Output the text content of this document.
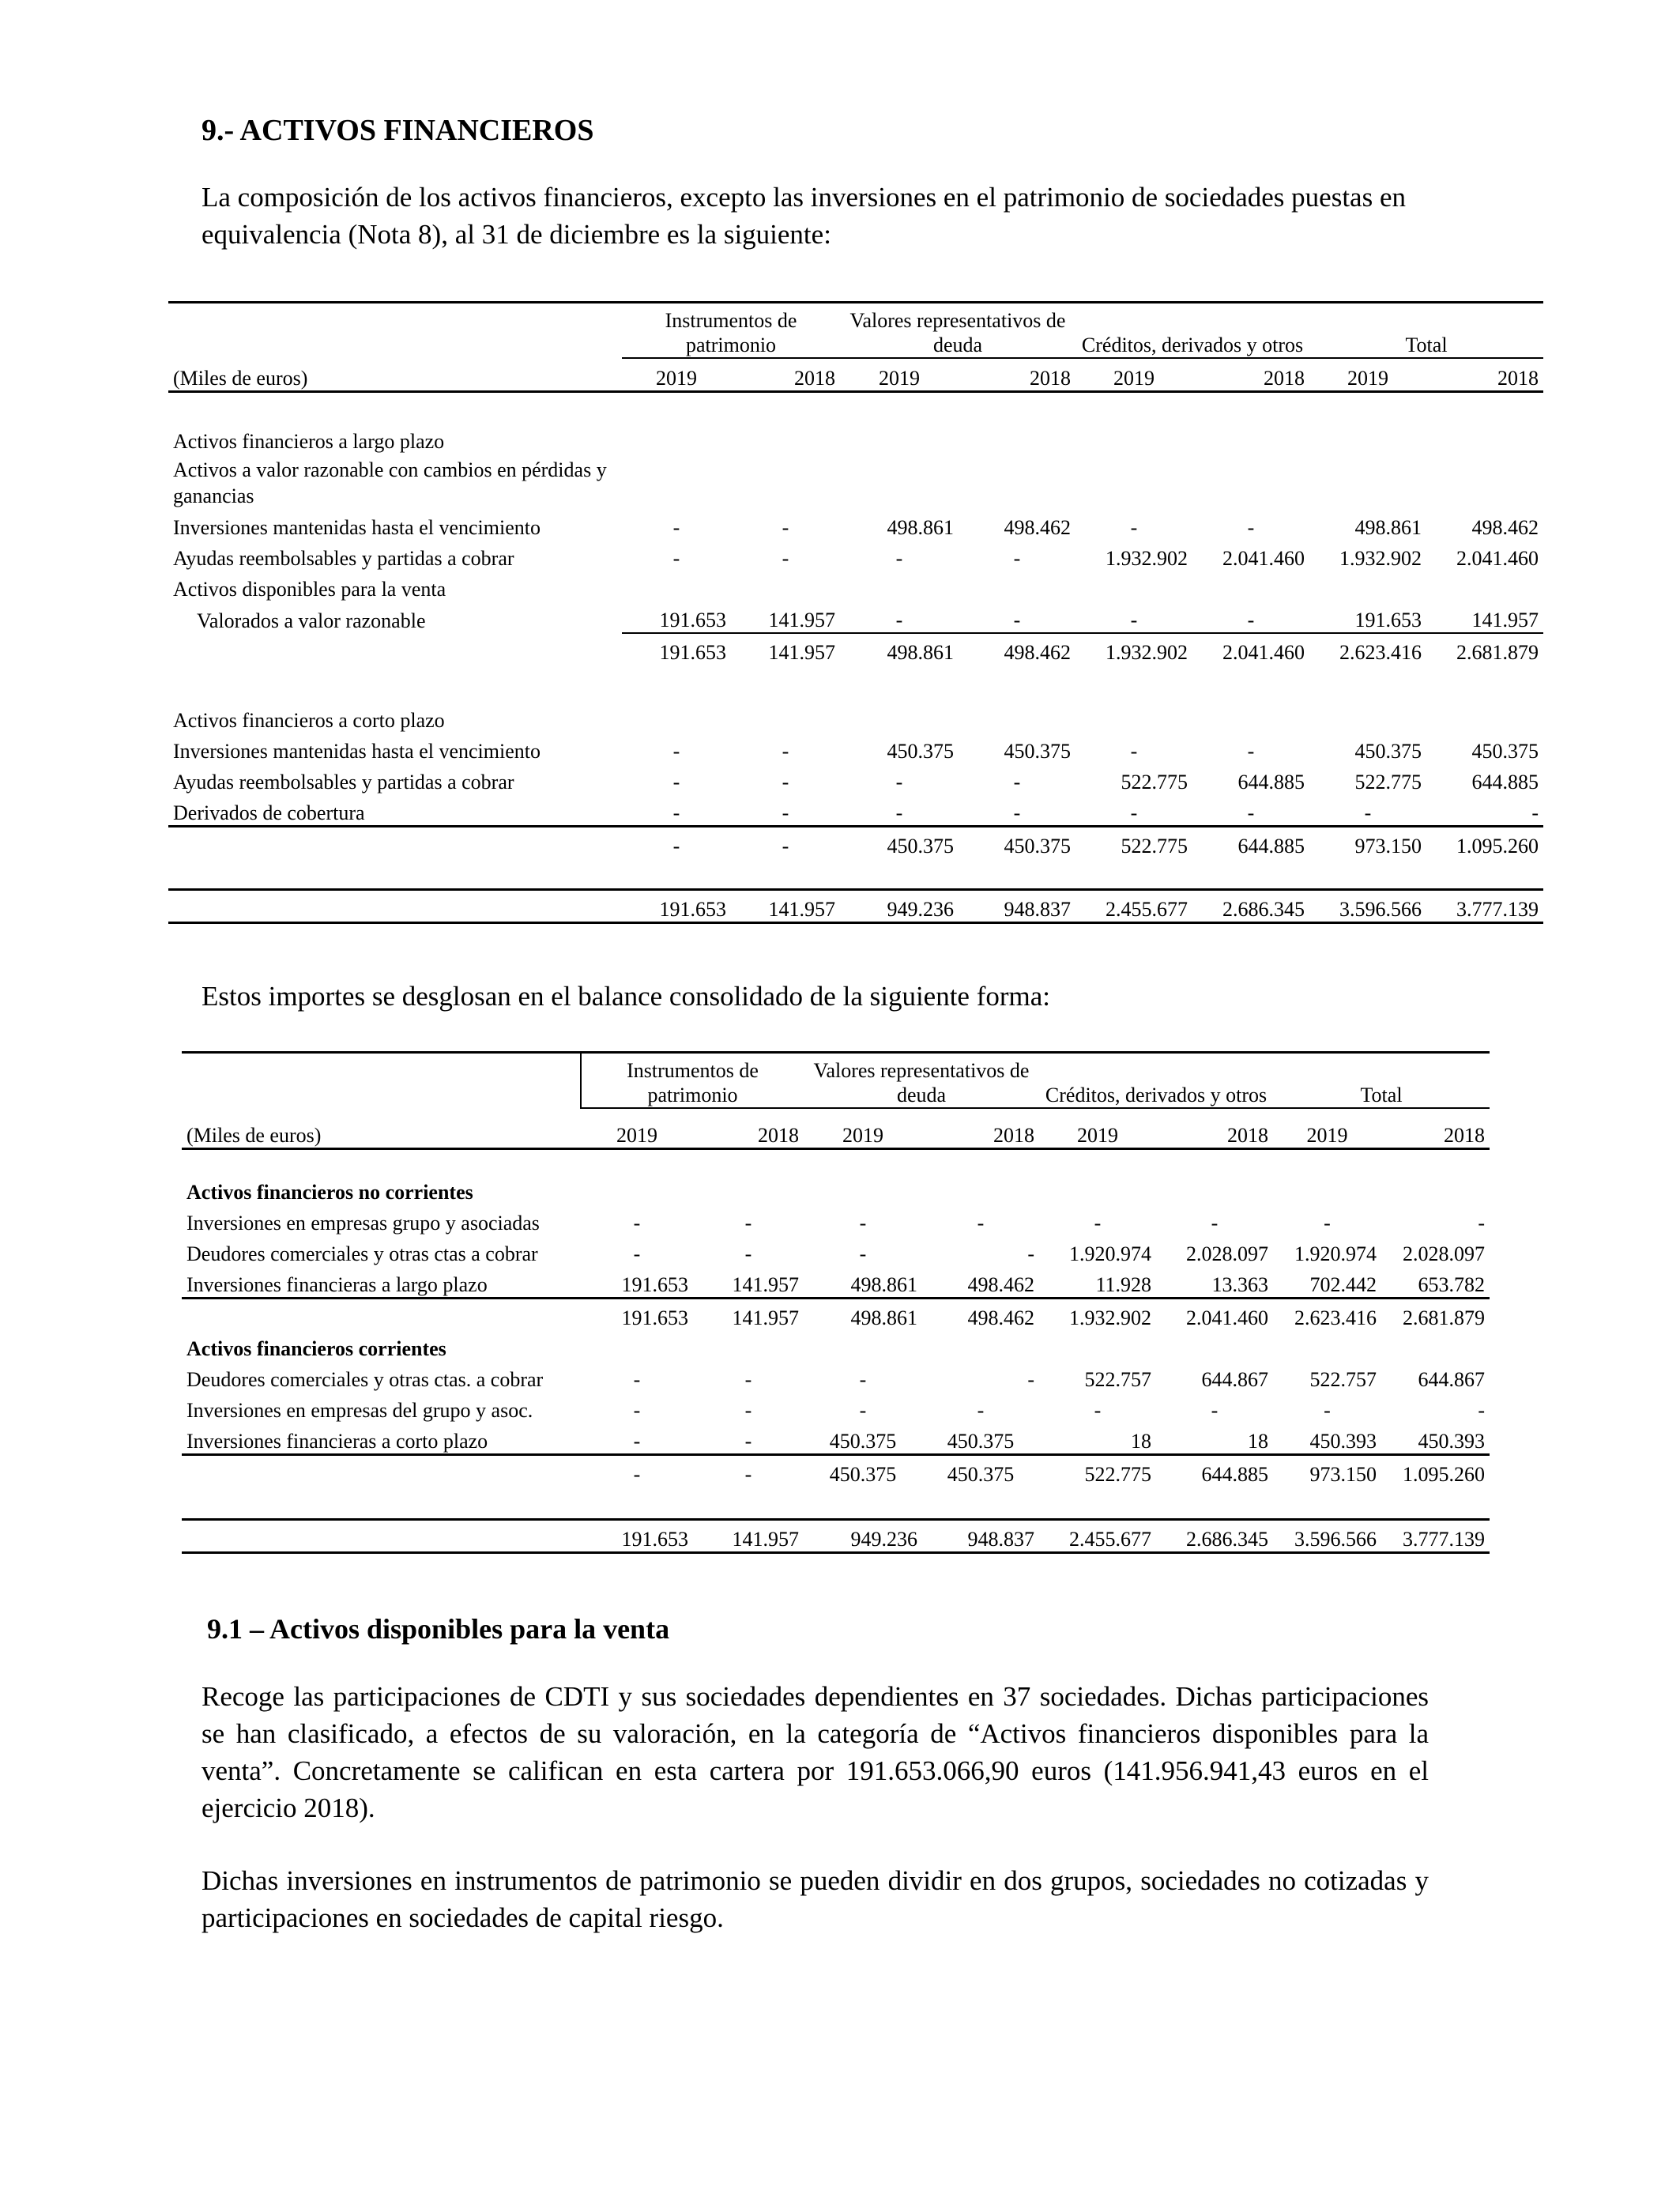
9.- ACTIVOS FINANCIEROS
La composición de los activos financieros, excepto las inversiones en el patrimonio de sociedades puestas en equivalencia (Nota 8), al 31 de diciembre es la siguiente:
	Instrumentos de patrimonio		Valores representativos de deuda		Créditos, derivados y otros		Total	
(Miles de euros)	2019	2018	2019	2018	2019	2018	2019	2018

Activos financieros a largo plazo								
Activos a valor razonable con cambios en pérdidas y ganancias								
Inversiones mantenidas hasta el vencimiento	-	-	498.861	498.462	-	-	498.861	498.462
Ayudas reembolsables y partidas a cobrar	-	-	-	-	1.932.902	2.041.460	1.932.902	2.041.460
Activos disponibles para la venta								
Valorados a valor razonable	191.653	141.957	-	-	-	-	191.653	141.957
	191.653	141.957	498.861	498.462	1.932.902	2.041.460	2.623.416	2.681.879

Activos financieros a corto plazo								
Inversiones mantenidas hasta el vencimiento	-	-	450.375	450.375	-	-	450.375	450.375
Ayudas reembolsables y partidas a cobrar	-	-	-	-	522.775	644.885	522.775	644.885
Derivados de cobertura	-	-	-	-	-	-	-	-
	-	-	450.375	450.375	522.775	644.885	973.150	1.095.260

	191.653	141.957	949.236	948.837	2.455.677	2.686.345	3.596.566	3.777.139
Estos importes se desglosan en el balance consolidado de la siguiente forma:
	Instrumentos de patrimonio		Valores representativos de deuda		Créditos, derivados y otros		Total	
(Miles de euros)	2019	2018	2019	2018	2019	2018	2019	2018

Activos financieros no corrientes								
Inversiones en empresas grupo y asociadas	-	-	-	-	-	-	-	-
Deudores comerciales y otras ctas a cobrar	-	-	-	-	1.920.974	2.028.097	1.920.974	2.028.097
Inversiones financieras a largo plazo	191.653	141.957	498.861	498.462	11.928	13.363	702.442	653.782
	191.653	141.957	498.861	498.462	1.932.902	2.041.460	2.623.416	2.681.879
Activos financieros corrientes								
Deudores comerciales y otras ctas. a cobrar	-	-	-	-	522.757	644.867	522.757	644.867
Inversiones en empresas del grupo y asoc.	-	-	-	-	-	-	-	-
Inversiones financieras a corto plazo	-	-	450.375	450.375	18	18	450.393	450.393
	-	-	450.375	450.375	522.775	644.885	973.150	1.095.260

	191.653	141.957	949.236	948.837	2.455.677	2.686.345	3.596.566	3.777.139
9.1 – Activos disponibles para la venta
Recoge las participaciones de CDTI y sus sociedades dependientes en 37 sociedades. Dichas participaciones se han clasificado, a efectos de su valoración, en la categoría de “Activos financieros disponibles para la venta”. Concretamente se califican en esta cartera por 191.653.066,90 euros (141.956.941,43 euros en el ejercicio 2018).
Dichas inversiones en instrumentos de patrimonio se pueden dividir en dos grupos, sociedades no cotizadas y participaciones en sociedades de capital riesgo.
